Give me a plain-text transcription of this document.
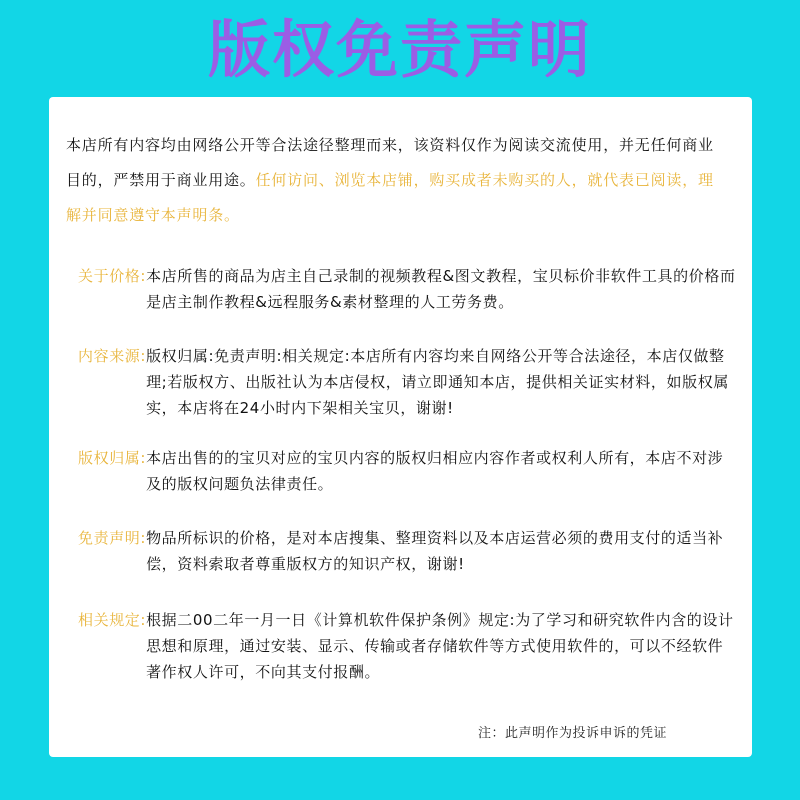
版权免责声明
本店所有内容均由网络公开等合法途径整理而来，该资料仅作为阅读交流使用，并无任何商业目的，严禁用于商业用途。任何访问、浏览本店铺，购买成者未购买的人，就代表已阅读，理解并同意遵守本声明条。
关于价格: 本店所售的商品为店主自己录制的视频教程&图文教程，宝贝标价非软件工具的价格而是店主制作教程&远程服务&素材整理的人工劳务费。
内容来源: 版权归属:免责声明:相关规定:本店所有内容均来自网络公开等合法途径，本店仅做整理;若版权方、出版社认为本店侵权，请立即通知本店，提供相关证实材料，如版权属实，本店将在24小时内下架相关宝贝，谢谢!
版权归属: 本店出售的的宝贝对应的宝贝内容的版权归相应内容作者或权利人所有，本店不对涉及的版权问题负法律责任。
免责声明: 物品所标识的价格，是对本店搜集、整理资料以及本店运营必须的费用支付的适当补偿，资料索取者尊重版权方的知识产权，谢谢!
相关规定: 根据二00二年一月一日《计算机软件保护条例》规定:为了学习和研究软件内含的设计思想和原理，通过安装、显示、传输或者存储软件等方式使用软件的，可以不经软件著作权人许可，不向其支付报酬。
注：此声明作为投诉申诉的凭证
